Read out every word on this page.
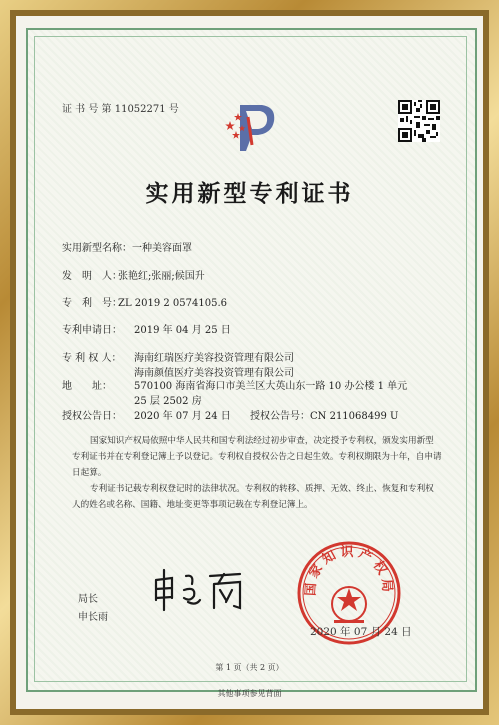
证 书 号 第 11052271 号
实用新型专利证书
实用新型名称：一种美容面罩
发　明　人：张艳红;张丽;候国升
专　利　号：ZL 2019 2 0574105.6
专利申请日： 2019 年 04 月 25 日
专 利 权 人： 海南红瑞医疗美容投资管理有限公司
海南颜值医疗美容投资管理有限公司
地　　址： 570100 海南省海口市美兰区大英山东一路 10 办公楼 1 单元
25 层 2502 房
授权公告日： 2020 年 07 月 24 日 授权公告号：CN 211068499 U
国家知识产权局依照中华人民共和国专利法经过初步审查，决定授予专利权，颁发实用新型专利证书并在专利登记簿上予以登记。专利权自授权公告之日起生效。专利权期限为十年，自申请日起算。
专利证书记载专利权登记时的法律状况。专利权的转移、质押、无效、终止、恢复和专利权人的姓名或名称、国籍、地址变更等事项记载在专利登记簿上。
国家知识产权局
局长
申长雨
2020 年 07 月 24 日
第 1 页（共 2 页）
其他事项参见背面
